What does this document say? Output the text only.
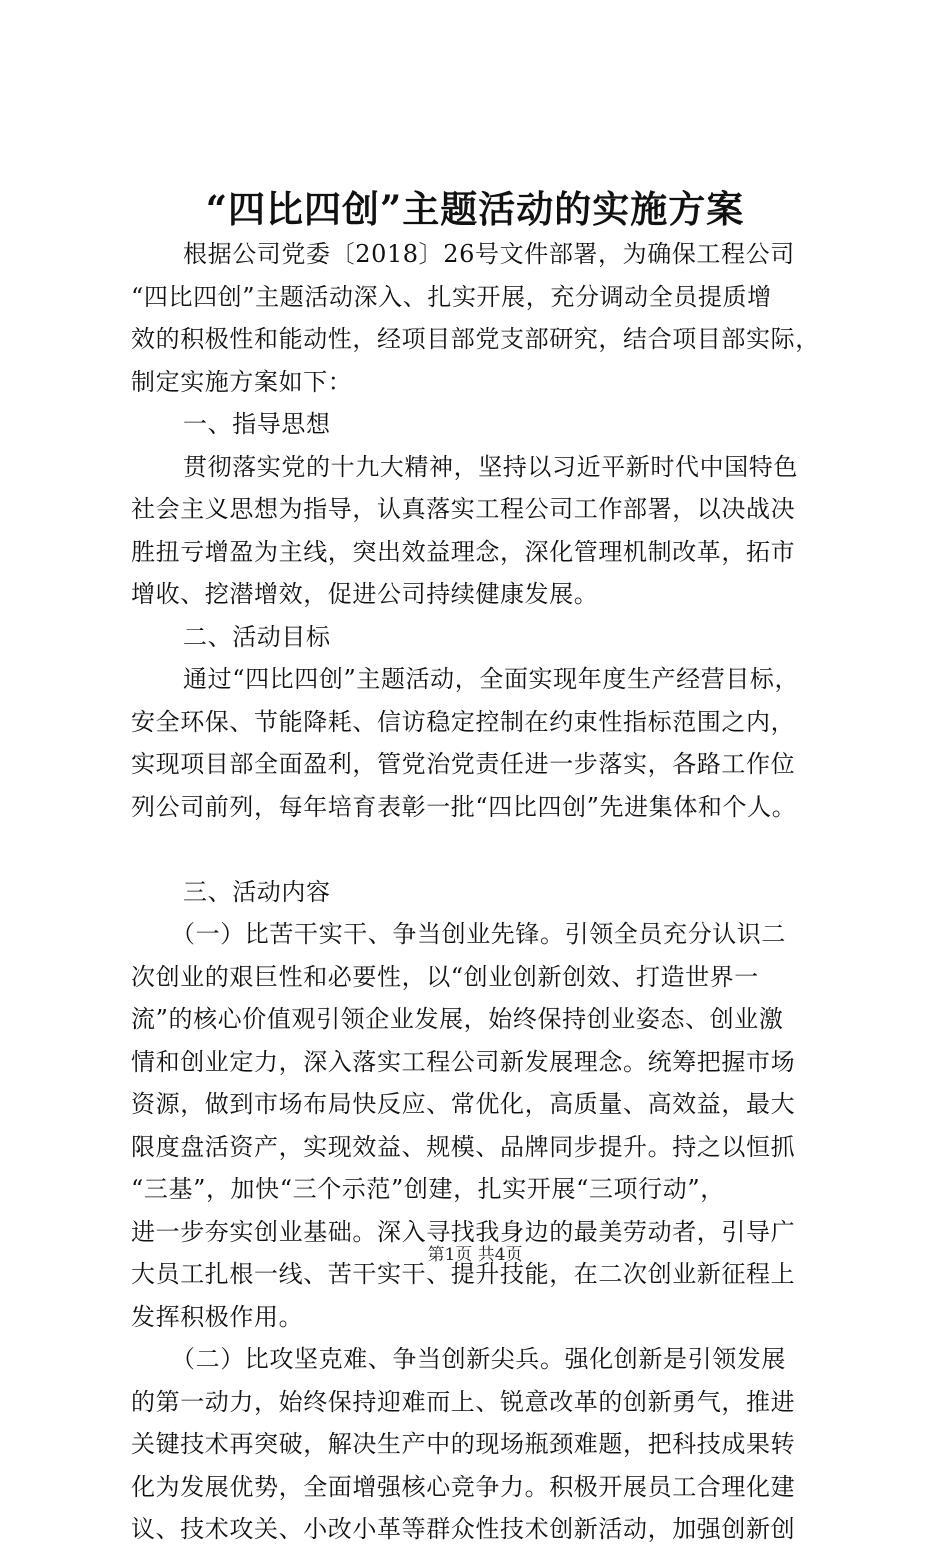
“四比四创”主题活动的实施方案
根据公司党委〔2018〕26号文件部署，为确保工程公司
“四比四创”主题活动深入、扎实开展，充分调动全员提质增
效的积极性和能动性，经项目部党支部研究，结合项目部实际，
制定实施方案如下：
一、指导思想
贯彻落实党的十九大精神，坚持以习近平新时代中国特色
社会主义思想为指导，认真落实工程公司工作部署，以决战决
胜扭亏增盈为主线，突出效益理念，深化管理机制改革，拓市
增收、挖潜增效，促进公司持续健康发展。
二、活动目标
通过“四比四创”主题活动，全面实现年度生产经营目标，
安全环保、节能降耗、信访稳定控制在约束性指标范围之内，
实现项目部全面盈利，管党治党责任进一步落实，各路工作位
列公司前列，每年培育表彰一批“四比四创”先进集体和个人。
三、活动内容
（一）比苦干实干、争当创业先锋。引领全员充分认识二
次创业的艰巨性和必要性，以“创业创新创效、打造世界一
流”的核心价值观引领企业发展，始终保持创业姿态、创业激
情和创业定力，深入落实工程公司新发展理念。统筹把握市场
资源，做到市场布局快反应、常优化，高质量、高效益，最大
限度盘活资产，实现效益、规模、品牌同步提升。持之以恒抓
“三基”，加快“三个示范”创建，扎实开展“三项行动”，
进一步夯实创业基础。深入寻找我身边的最美劳动者，引导广
大员工扎根一线、苦干实干、提升技能，在二次创业新征程上
发挥积极作用。
（二）比攻坚克难、争当创新尖兵。强化创新是引领发展
的第一动力，始终保持迎难而上、锐意改革的创新勇气，推进
关键技术再突破，解决生产中的现场瓶颈难题，把科技成果转
化为发展优势，全面增强核心竞争力。积极开展员工合理化建
议、技术攻关、小改小革等群众性技术创新活动，加强创新创
第1页 共4页
